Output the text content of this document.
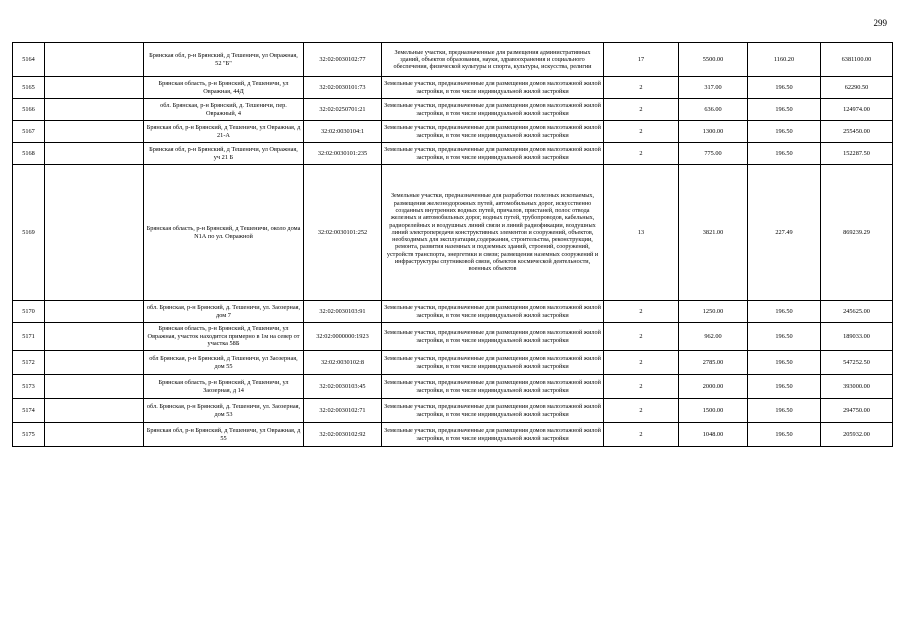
299
5164		Брянская обл, р-н Брянский, д Тешеничи, ул Овражная, 52 "Б"	32:02:0030102:77	Земельные участки, предназначенные для размещения административных зданий, объектов образования, науки, здравоохранения и социального обеспечения, физической культуры и спорта, культуры, искусства, религии	17	5500.00	1160.20	6381100.00
5165		Брянская область, р-н Брянский, д Тешеничи, ул Овражная, 44Д	32:02:0030101:73	Земельные участки, предназначенные для размещения домов малоэтажной жилой застройки, в том числе индивидуальной жилой застройки	2	317.00	196.50	62290.50
5166		обл. Брянская, р-н Брянский, д. Тешеничи, пер. Овражный, 4	32:02:0250701:21	Земельные участки, предназначенные для размещения домов малоэтажной жилой застройки, в том числе индивидуальной жилой застройки	2	636.00	196.50	124974.00
5167		Брянская обл, р-н Брянский, д Тешеничи, ул Овражная, д 21-А	32:02:0030104:1	Земельные участки, предназначенные для размещения домов малоэтажной жилой застройки, в том числе индивидуальной жилой застройки	2	1300.00	196.50	255450.00
5168		Брянская обл, р-н Брянский, д Тешеничи, ул Овражная, уч 21 Б	32:02:0030101:235	Земельные участки, предназначенные для размещения домов малоэтажной жилой застройки, в том числе индивидуальной жилой застройки	2	775.00	196.50	152287.50
5169		Брянская область, р-н Брянский, д Тешеничи, около дома N1А по ул. Овражной	32:02:0030101:252	Земельные участки, предназначенные для разработки полезных ископаемых, размещения железнодорожных путей, автомобильных дорог, искусственно созданных внутренних водных путей, причалов, пристаней, полос отвода железных и автомобильных дорог, водных путей, трубопроводов, кабельных, радиорелейных и воздушных линий связи и линий радиофикации, воздушных линий электропередачи конструктивных элементов и сооружений, объектов, необходимых для эксплуатации,содержания, строительства, реконструкции, ремонта, развития наземных и подземных зданий, строений, сооружений, устройств транспорта, энергетики и связи; размещения наземных сооружений и инфраструктуры спутниковой связи, объектов космической деятельности, военных объектов	13	3821.00	227.49	869239.29
5170		обл. Брянская, р-н Брянский, д. Тешеничи, ул. Заозерная, дом 7	32:02:0030103:91	Земельные участки, предназначенные для размещения домов малоэтажной жилой застройки, в том числе индивидуальной жилой застройки	2	1250.00	196.50	245625.00
5171		Брянская область, р-н Брянский, д Тешеничи, ул Овражная, участок находится примерно в 1м на север от участка 58Б	32:02:0000000:1923	Земельные участки, предназначенные для размещения домов малоэтажной жилой застройки, в том числе индивидуальной жилой застройки	2	962.00	196.50	189033.00
5172		обл Брянская, р-н Брянский, д Тешеничи, ул Заозерная, дом 55	32:02:0030102:8	Земельные участки, предназначенные для размещения домов малоэтажной жилой застройки, в том числе индивидуальной жилой застройки	2	2785.00	196.50	547252.50
5173		Брянская область, р-н Брянский, д Тешеничи, ул Заозерная, д 14	32:02:0030103:45	Земельные участки, предназначенные для размещения домов малоэтажной жилой застройки, в том числе индивидуальной жилой застройки	2	2000.00	196.50	393000.00
5174		обл. Брянская, р-н Брянский, д. Тешеничи, ул. Заозерная, дом 53	32:02:0030102:71	Земельные участки, предназначенные для размещения домов малоэтажной жилой застройки, в том числе индивидуальной жилой застройки	2	1500.00	196.50	294750.00
5175		Брянская обл, р-н Брянский, д Тешеничи, ул Овражная, д 55	32:02:0030102:92	Земельные участки, предназначенные для размещения домов малоэтажной жилой застройки, в том числе индивидуальной жилой застройки	2	1048.00	196.50	205932.00
